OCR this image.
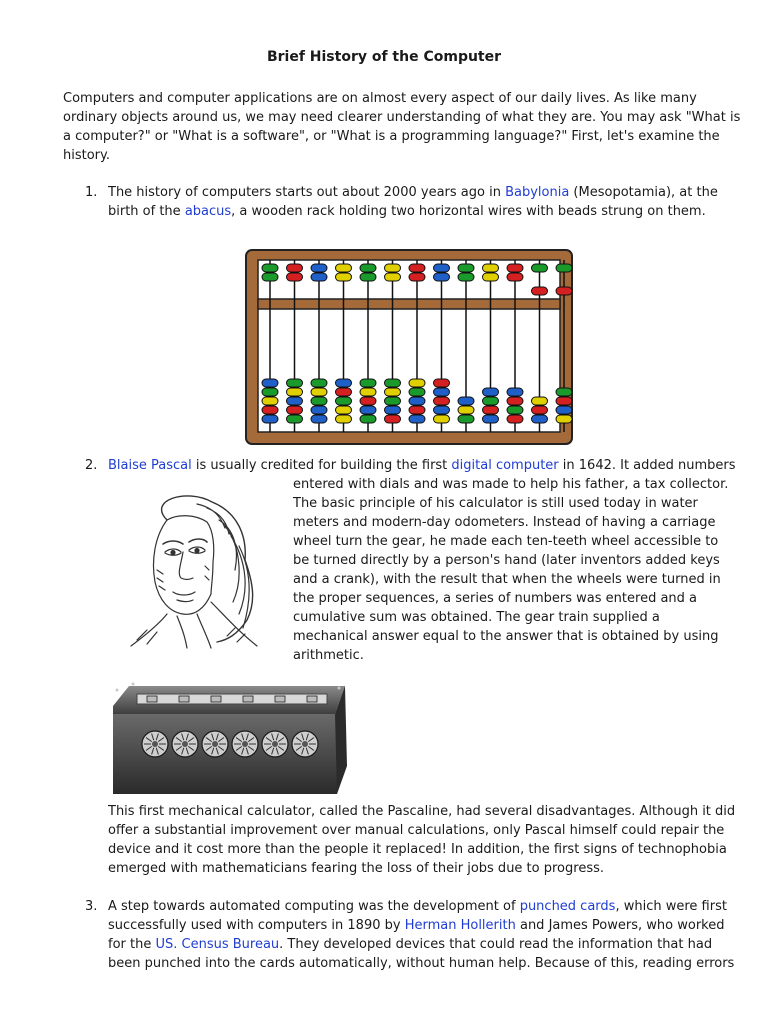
Brief History of the Computer

Computers and computer applications are on almost every aspect of our daily lives. As like many
ordinary objects around us, we may need clearer understanding of what they are. You may ask "What is
a computer?" or "What is a software", or "What is a programming language?" First, let's examine the
history.

1. The history of computers starts out about 2000 years ago in Babylonia (Mesopotamia), at the
birth of the abacus, a wooden rack holding two horizontal wires with beads strung on them.

2. Blaise Pascal is usually credited for building the first digital computer in 1642. It added numbers

entered with dials and was made to help his father, a tax collector.
The basic principle of his calculator is still used today in water
meters and modern-day odometers. Instead of having a carriage
wheel turn the gear, he made each ten-teeth wheel accessible to
be turned directly by a person's hand (later inventors added keys
and a crank), with the result that when the wheels were turned in
the proper sequences, a series of numbers was entered and a
cumulative sum was obtained. The gear train supplied a
mechanical answer equal to the answer that is obtained by using
arithmetic.

This first mechanical calculator, called the Pascaline, had several disadvantages. Although it did
offer a substantial improvement over manual calculations, only Pascal himself could repair the
device and it cost more than the people it replaced! In addition, the first signs of technophobia
emerged with mathematicians fearing the loss of their jobs due to progress.

3. A step towards automated computing was the development of punched cards, which were first
successfully used with computers in 1890 by Herman Hollerith and James Powers, who worked
for the US. Census Bureau. They developed devices that could read the information that had
been punched into the cards automatically, without human help. Because of this, reading errors
